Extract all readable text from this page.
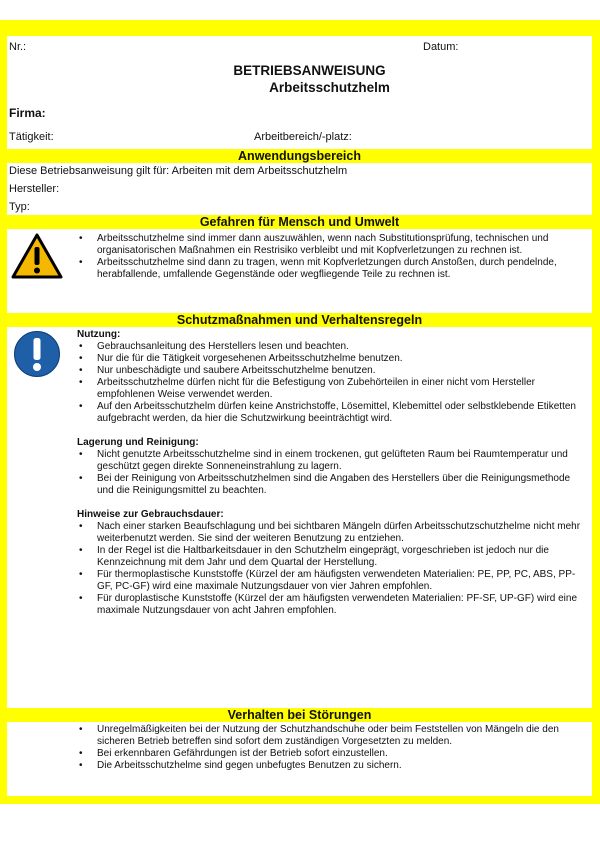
Nr.:	Datum:
BETRIEBSANWEISUNG
Arbeitsschutzhelm
Firma:
Tätigkeit:	Arbeitbereich/-platz:
Anwendungsbereich
Diese Betriebsanweisung gilt für: Arbeiten mit dem Arbeitsschutzhelm
Hersteller:
Typ:
Gefahren für Mensch und Umwelt
• Arbeitsschutzhelme sind immer dann auszuwählen, wenn nach Substitutionsprüfung, technischen und organisatorischen Maßnahmen ein Restrisiko verbleibt und mit Kopfverletzungen zu rechnen ist.
• Arbeitsschutzhelme sind dann zu tragen, wenn mit Kopfverletzungen durch Anstoßen, durch pendelnde, herabfallende, umfallende Gegenstände oder wegfliegende Teile zu rechnen ist.
Schutzmaßnahmen und Verhaltensregeln

Nutzung:

• Gebrauchsanleitung des Herstellers lesen und beachten.
• Nur die für die Tätigkeit vorgesehenen Arbeitsschutzhelme benutzen.
• Nur unbeschädigte und saubere Arbeitsschutzhelme benutzen.
• Arbeitsschutzhelme dürfen nicht für die Befestigung von Zubehörteilen in einer nicht vom Hersteller empfohlenen Weise verwendet werden.
• Auf den Arbeitsschutzhelm dürfen keine Anstrichstoffe, Lösemittel, Klebemittel oder selbstklebende Etiketten aufgebracht werden, da hier die Schutzwirkung beeinträchtigt wird.

Lagerung und Reinigung:

• Nicht genutzte Arbeitsschutzhelme sind in einem trockenen, gut gelüfteten Raum bei Raumtemperatur und geschützt gegen direkte Sonneneinstrahlung zu lagern.
• Bei der Reinigung von Arbeitsschutzhelmen sind die Angaben des Herstellers über die Reinigungsmethode und die Reinigungsmittel zu beachten.

Hinweise zur Gebrauchsdauer:

• Nach einer starken Beaufschlagung und bei sichtbaren Mängeln dürfen Arbeitsschutzschutzhelme nicht mehr weiterbenutzt werden. Sie sind der weiteren Benutzung zu entziehen.
• In der Regel ist die Haltbarkeitsdauer in den Schutzhelm eingeprägt, vorgeschrieben ist jedoch nur die Kennzeichnung mit dem Jahr und dem Quartal der Herstellung.
• Für thermoplastische Kunststoffe (Kürzel der am häufigsten verwendeten Materialien: PE, PP, PC, ABS, PP-GF, PC-GF) wird eine maximale Nutzungsdauer von vier Jahren empfohlen.
• Für duroplastische Kunststoffe (Kürzel der am häufigsten verwendeten Materialien: PF-SF, UP-GF) wird eine maximale Nutzungsdauer von acht Jahren empfohlen.
Verhalten bei Störungen
• Unregelmäßigkeiten bei der Nutzung der Schutzhandschuhe oder beim Feststellen von Mängeln die den sicheren Betrieb betreffen sind sofort dem zuständigen Vorgesetzten zu melden.
• Bei erkennbaren Gefährdungen ist der Betrieb sofort einzustellen.
• Die Arbeitsschutzhelme sind gegen unbefugtes Benutzen zu sichern.
